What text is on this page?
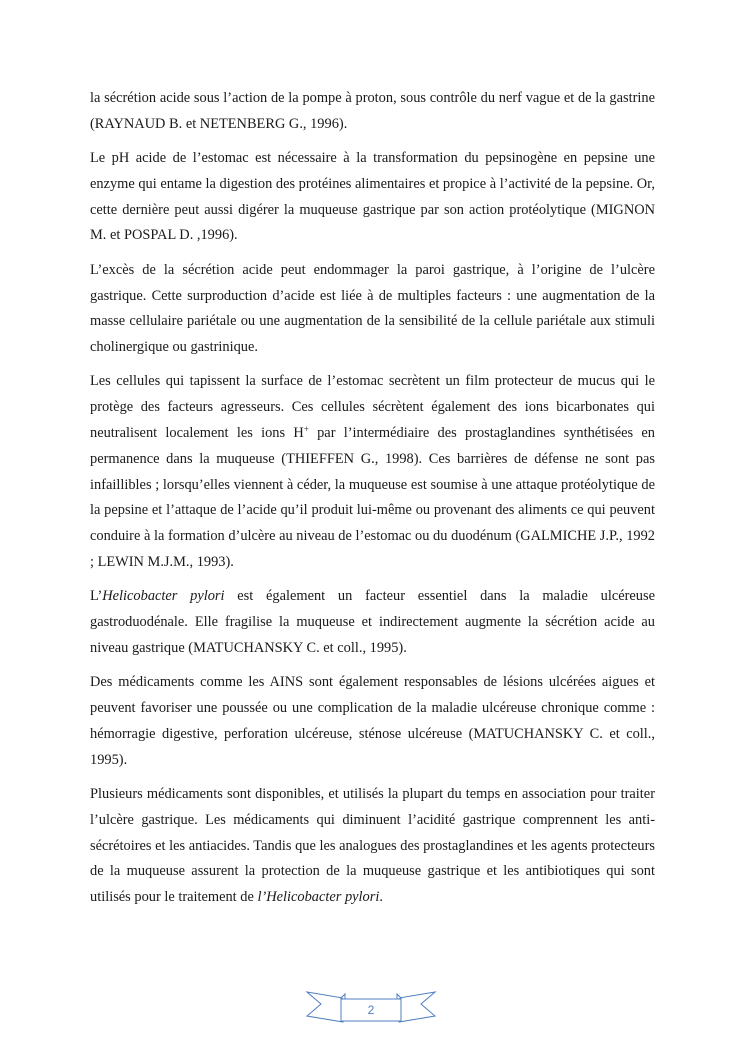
la sécrétion acide sous l’action de la pompe à proton, sous contrôle du nerf vague et de la gastrine (RAYNAUD B. et NETENBERG G., 1996).

Le pH acide de l’estomac est nécessaire à la transformation du pepsinogène en pepsine une enzyme qui entame la digestion des protéines alimentaires et propice à l’activité de la pepsine. Or, cette dernière peut aussi digérer la muqueuse gastrique par son action protéolytique (MIGNON M. et POSPAL D. ,1996).

L’excès de la sécrétion acide peut endommager la paroi gastrique, à l’origine de l’ulcère gastrique. Cette surproduction d’acide est liée à de multiples facteurs : une augmentation de la masse cellulaire pariétale ou une augmentation de la sensibilité de la cellule pariétale aux stimuli cholinergique ou gastrinique.

Les cellules qui tapissent la surface de l’estomac secrètent un film protecteur de mucus qui le protège des facteurs agresseurs. Ces cellules sécrètent également des ions bicarbonates qui neutralisent localement les ions H+ par l’intermédiaire des prostaglandines synthétisées en permanence dans la muqueuse (THIEFFEN G., 1998). Ces barrières de défense ne sont pas infaillibles ; lorsqu’elles viennent à céder, la muqueuse est soumise à une attaque protéolytique de la pepsine et l’attaque de l’acide qu’il produit lui-même ou provenant des aliments ce qui peuvent conduire à la formation d’ulcère au niveau de l’estomac ou du duodénum (GALMICHE J.P., 1992 ; LEWIN M.J.M., 1993).

L’Helicobacter pylori est également un facteur essentiel dans la maladie ulcéreuse gastroduodénale. Elle fragilise la muqueuse et indirectement augmente la sécrétion acide au niveau gastrique (MATUCHANSKY C. et coll., 1995).

Des médicaments comme les AINS sont également responsables de lésions ulcérées aigues et peuvent favoriser une poussée ou une complication de la maladie ulcéreuse chronique comme : hémorragie digestive, perforation ulcéreuse, sténose ulcéreuse (MATUCHANSKY C. et coll., 1995).

Plusieurs médicaments sont disponibles, et utilisés la plupart du temps en association pour traiter l’ulcère gastrique. Les médicaments qui diminuent l’acidité gastrique comprennent les anti-sécrétoires et les antiacides. Tandis que les analogues des prostaglandines et les agents protecteurs de la muqueuse assurent la protection de la muqueuse gastrique et les antibiotiques qui sont utilisés pour le traitement de l’Helicobacter pylori.

2
